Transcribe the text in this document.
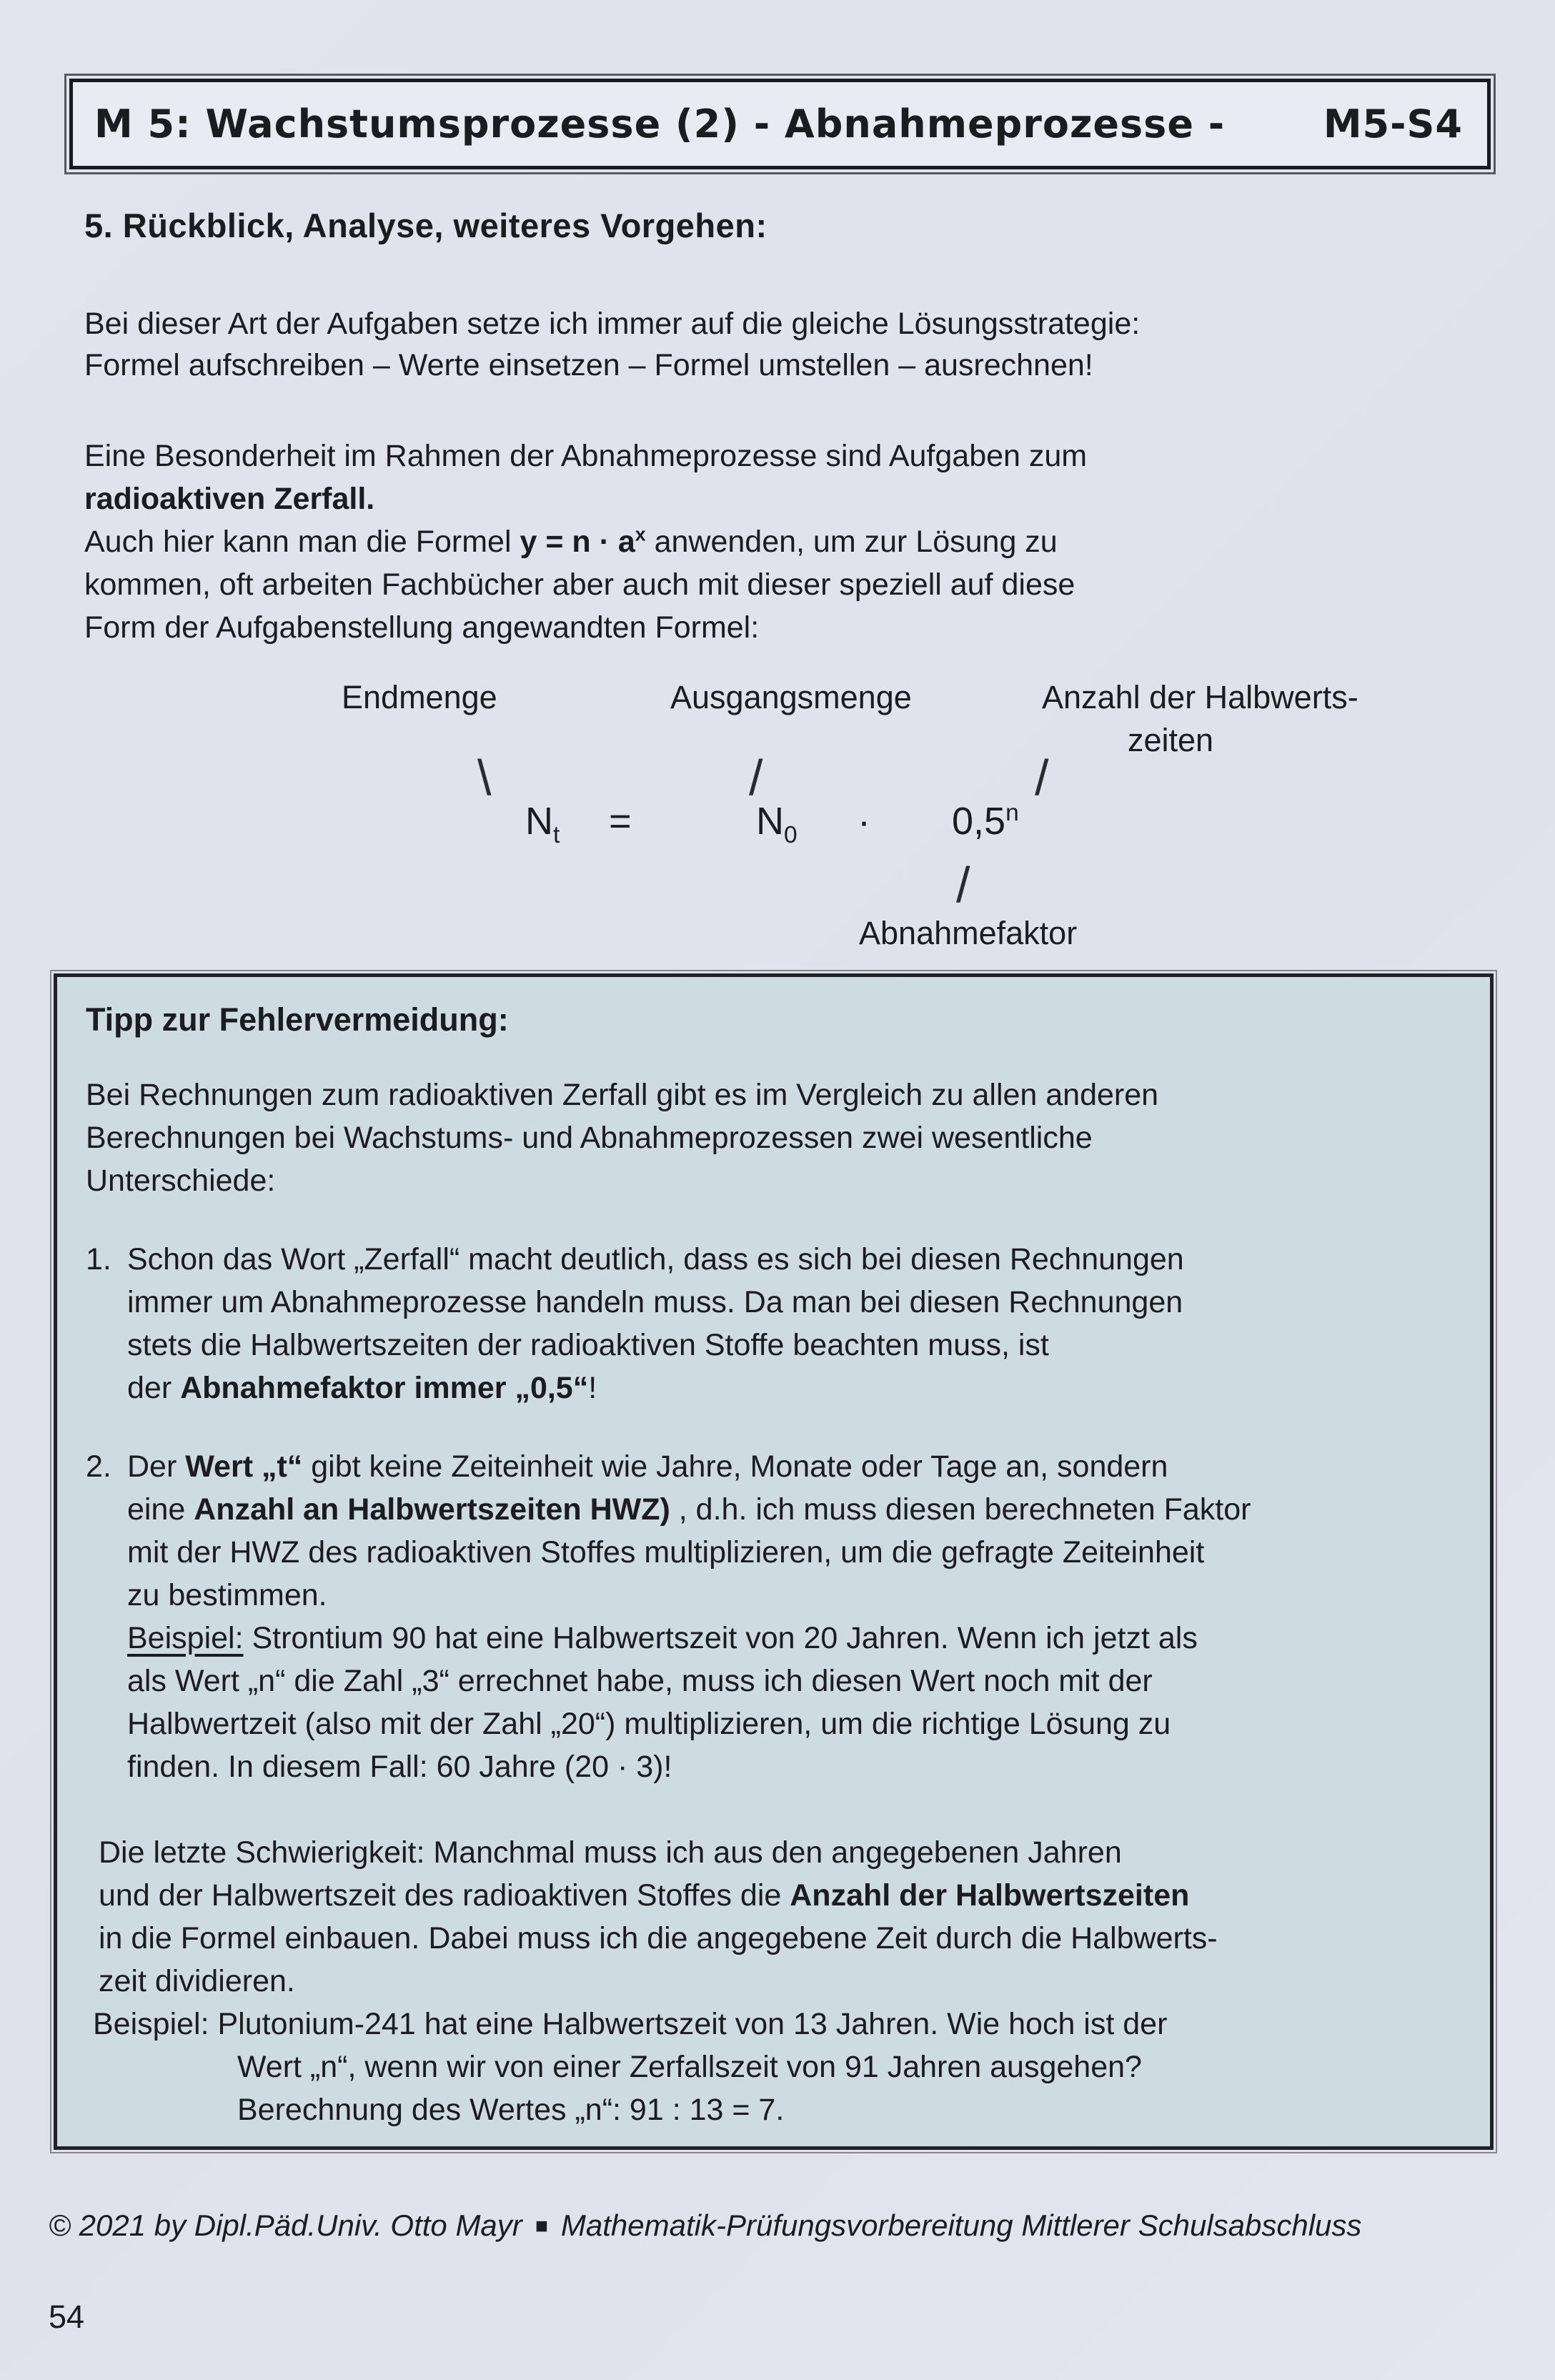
M 5: Wachstumsprozesse (2) - Abnahmeprozesse -	M5-S4
5. Rückblick, Analyse, weiteres Vorgehen:
Bei dieser Art der Aufgaben setze ich immer auf die gleiche Lösungsstrategie:
Formel aufschreiben – Werte einsetzen – Formel umstellen – ausrechnen!
Eine Besonderheit im Rahmen der Abnahmeprozesse sind Aufgaben zum
radioaktiven Zerfall.
Auch hier kann man die Formel $y = n \cdot a^x$ anwenden, um zur Lösung zu
kommen, oft arbeiten Fachbücher aber auch mit dieser speziell auf diese
Form der Aufgabenstellung angewandten Formel:
Endmenge	Ausgangsmenge	Anzahl der Halbwerts-
zeiten
\	/	/
$N_t$ =	$N_0 \cdot 0,5^n$
/
Abnahmefaktor
Tipp zur Fehlervermeidung:
Bei Rechnungen zum radioaktiven Zerfall gibt es im Vergleich zu allen anderen
Berechnungen bei Wachstums- und Abnahmeprozessen zwei wesentliche
Unterschiede:
1. Schon das Wort „Zerfall“ macht deutlich, dass es sich bei diesen Rechnungen
immer um Abnahmeprozesse handeln muss. Da man bei diesen Rechnungen
stets die Halbwertszeiten der radioaktiven Stoffe beachten muss, ist
der Abnahmefaktor immer „0,5“!
2. Der Wert „t“ gibt keine Zeiteinheit wie Jahre, Monate oder Tage an, sondern
eine Anzahl an Halbwertszeiten HWZ) , d.h. ich muss diesen berechneten Faktor
mit der HWZ des radioaktiven Stoffes multiplizieren, um die gefragte Zeiteinheit
zu bestimmen.
Beispiel: Strontium 90 hat eine Halbwertszeit von 20 Jahren. Wenn ich jetzt als
als Wert „n“ die Zahl „3“ errechnet habe, muss ich diesen Wert noch mit der
Halbwertzeit (also mit der Zahl „20“) multiplizieren, um die richtige Lösung zu
finden. In diesem Fall: 60 Jahre (20 · 3)!
Die letzte Schwierigkeit: Manchmal muss ich aus den angegebenen Jahren
und der Halbwertszeit des radioaktiven Stoffes die Anzahl der Halbwertszeiten
in die Formel einbauen. Dabei muss ich die angegebene Zeit durch die Halbwerts-
zeit dividieren.
Beispiel: Plutonium-241 hat eine Halbwertszeit von 13 Jahren. Wie hoch ist der
Wert „n“, wenn wir von einer Zerfallszeit von 91 Jahren ausgehen?
Berechnung des Wertes „n“: 91 : 13 = 7.
© 2021 by Dipl.Päd.Univ. Otto Mayr ■ Mathematik-Prüfungsvorbereitung Mittlerer Schulsabschluss
54
